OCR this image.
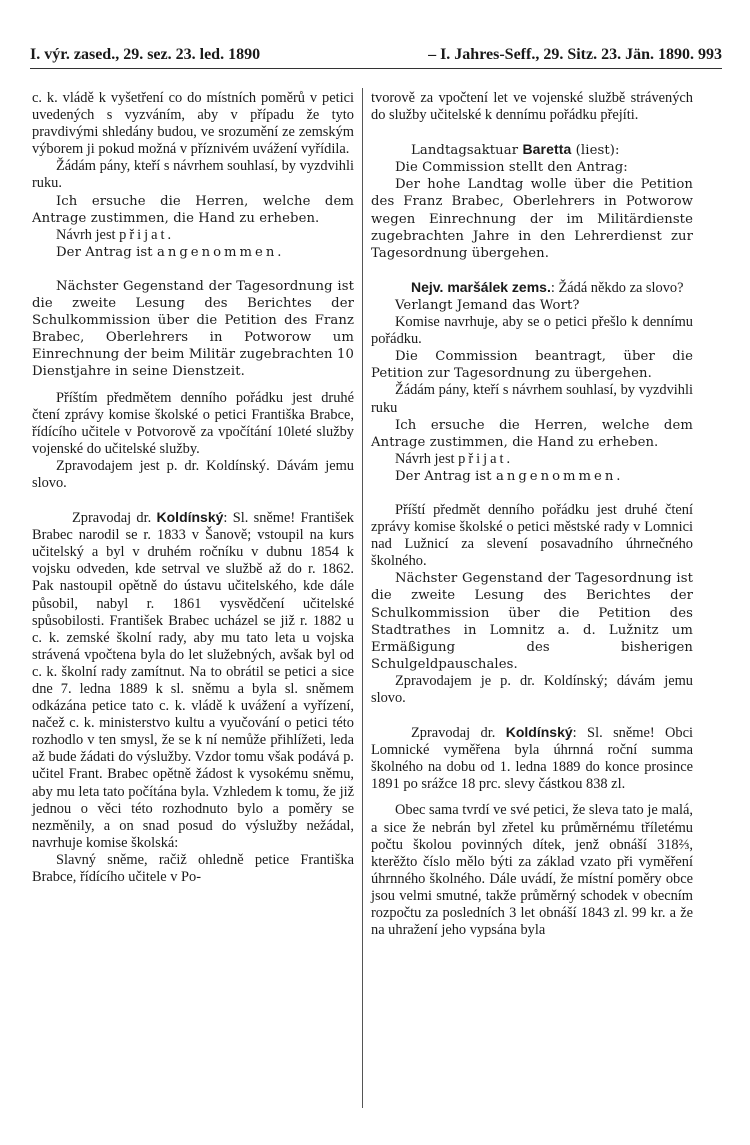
I. výr. zased., 29. sez. 23. led. 1890	– I. Jahres-Seff., 29. Sitz. 23. Jän. 1890. 993

c. k. vládě k vyšetření co do místních poměrů v petici uvedených s vyzváním, aby v případu že tyto pravdivými shledány budou, ve srozumění ze zemským výborem ji pokud možná v příznivém uvážení vyřídila.

Žádám pány, kteří s návrhem souhlasí, by vyzdvihli ruku.

Ich ersuche die Herren, welche dem Antrage zustimmen, die Hand zu erheben.

Návrh jest přijat.

Der Antrag ist angenommen.

Nächster Gegenstand der Tagesordnung ist die zweite Lesung des Berichtes der Schulkommission über die Petition des Franz Brabec, Oberlehrers in Potworow um Einrechnung der beim Militär zugebrachten 10 Dienstjahre in seine Dienstzeit.

Příštím předmětem denního pořádku jest druhé čtení zprávy komise školské o petici Františka Brabce, řídícího učitele v Potvorově za vpočítání 10leté služby vojenské do učitelské služby.

Zpravodajem jest p. dr. Koldínský. Dávám jemu slovo.

Zpravodaj dr. Koldínský: Sl. sněme! František Brabec narodil se r. 1833 v Šanově; vstoupil na kurs učitelský a byl v druhém ročníku v dubnu 1854 k vojsku odveden, kde setrval ve službě až do r. 1862. Pak nastoupil opětně do ústavu učitelského, kde dále působil, nabyl r. 1861 vysvědčení učitelské spůsobilosti. František Brabec ucházel se již r. 1882 u c. k. zemské školní rady, aby mu tato leta u vojska strávená vpočtena byla do let služebných, avšak byl od c. k. školní rady zamítnut. Na to obrátil se petici a sice dne 7. ledna 1889 k sl. sněmu a byla sl. sněmem odkázána petice tato c. k. vládě k uvážení a vyřízení, načež c. k. ministerstvo kultu a vyučování o petici této rozhodlo v ten smysl, že se k ní nemůže přihlížeti, leda až bude žádati do výslužby. Vzdor tomu však podává p. učitel Frant. Brabec opětně žádost k vysokému sněmu, aby mu leta tato počítána byla. Vzhledem k tomu, že již jednou o věci této rozhodnuto bylo a poměry se nezměnily, a on snad posud do výslužby nežádal, navrhuje komise školská:

Slavný sněme, račiž ohledně petice Františka Brabce, řídícího učitele v Po-

tvorově za vpočtení let ve vojenské službě strávených do služby učitelské k dennímu pořádku přejíti.

Landtagsaktuar Baretta (liest):

Die Commission stellt den Antrag:

Der hohe Landtag wolle über die Petition des Franz Brabec, Oberlehrers in Potworow wegen Einrechnung der im Militärdienste zugebrachten Jahre in den Lehrerdienst zur Tagesordnung übergehen.

Nejv. maršálek zems.: Žádá někdo za slovo?

Verlangt Jemand das Wort?

Komise navrhuje, aby se o petici přešlo k dennímu pořádku.

Die Commission beantragt, über die Petition zur Tagesordnung zu übergehen.

Žádám pány, kteří s návrhem souhlasí, by vyzdvihli ruku

Ich ersuche die Herren, welche dem Antrage zustimmen, die Hand zu erheben.

Návrh jest přijat.

Der Antrag ist angenommen.

Příští předmět denního pořádku jest druhé čtení zprávy komise školské o petici městské rady v Lomnici nad Lužnicí za slevení posavadního úhrnečného školného.

Nächster Gegenstand der Tagesordnung ist die zweite Lesung des Berichtes der Schulkommission über die Petition des Stadtrathes in Lomnitz a. d. Lužnitz um Ermäßigung des bisherigen Schulgeldpauschales.

Zpravodajem je p. dr. Koldínský; dávám jemu slovo.

Zpravodaj dr. Koldínský: Sl. sněme! Obci Lomnické vyměřena byla úhrnná roční summa školného na dobu od 1. ledna 1889 do konce prosince 1891 po srážce 18 prc. slevy částkou 838 zl.

Obec sama tvrdí ve své petici, že sleva tato je malá, a sice že nebrán byl zřetel ku průměrnému tříletému počtu školou povinných dítek, jenž obnáší 318⅔, kterěžto číslo mělo býti za základ vzato při vyměření úhrnného školného. Dále uvádí, že místní poměry obce jsou velmi smutné, takže průměrný schodek v obecním rozpočtu za posledních 3 let obnáší 1843 zl. 99 kr. a že na uhražení jeho vypsána byla
